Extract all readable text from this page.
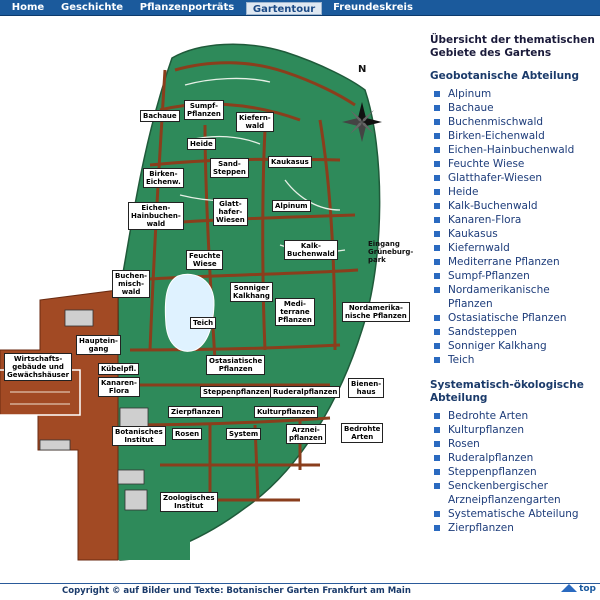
Home	Geschichte	Pflanzenporträts	Gartentour	Freundeskreis
N
Eingang
Grüneburg-
park
Bachaue
Sumpf-
Pflanzen	Kiefern-
wald
Heide
Sand-
Steppen
Kaukasus
Birken-
Eichenw.
Alpinum
Eichen-
Hainbuchen-
wald
Glatt-
hafer-
Wiesen
Kalk-
Buchenwald
Feuchte
Wiese
Buchen-
misch-
wald	Sonniger
Kalkhang
Medi-
terrane
Pflanzen
Nordamerika-
nische Pflanzen
Teich
Hauptein-
gang
Wirtschafts-
gebäude und
Gewächshäuser
Kübelpfl.
Ostasiatische
Pflanzen
Kanaren-
Flora	Steppenpflanzen Ruderalpflanzen
Bienen-
haus
Zierpflanzen	Kulturpflanzen
Botanisches
Institut
Rosen	System	Arznei-
pflanzen
Bedrohte
Arten
Zoologisches
Institut
Übersicht der thematischen Gebiete des Gartens
Geobotanische Abteilung
Alpinum
Bachaue
Buchenmischwald
Birken-Eichenwald
Eichen-Hainbuchenwald
Feuchte Wiese
Glatthafer-Wiesen
Heide
Kalk-Buchenwald
Kanaren-Flora
Kaukasus
Kiefernwald
Mediterrane Pflanzen
Sumpf-Pflanzen
Nordamerikanische Pflanzen
Ostasiatische Pflanzen
Sandsteppen
Sonniger Kalkhang
Teich
Systematisch-ökologische Abteilung
Bedrohte Arten
Kulturpflanzen
Rosen
Ruderalpflanzen
Steppenpflanzen
Senckenbergischer Arzneipflanzengarten
Systematische Abteilung
Zierpflanzen
Copyright © auf Bilder und Texte: Botanischer Garten Frankfurt am Main	top
